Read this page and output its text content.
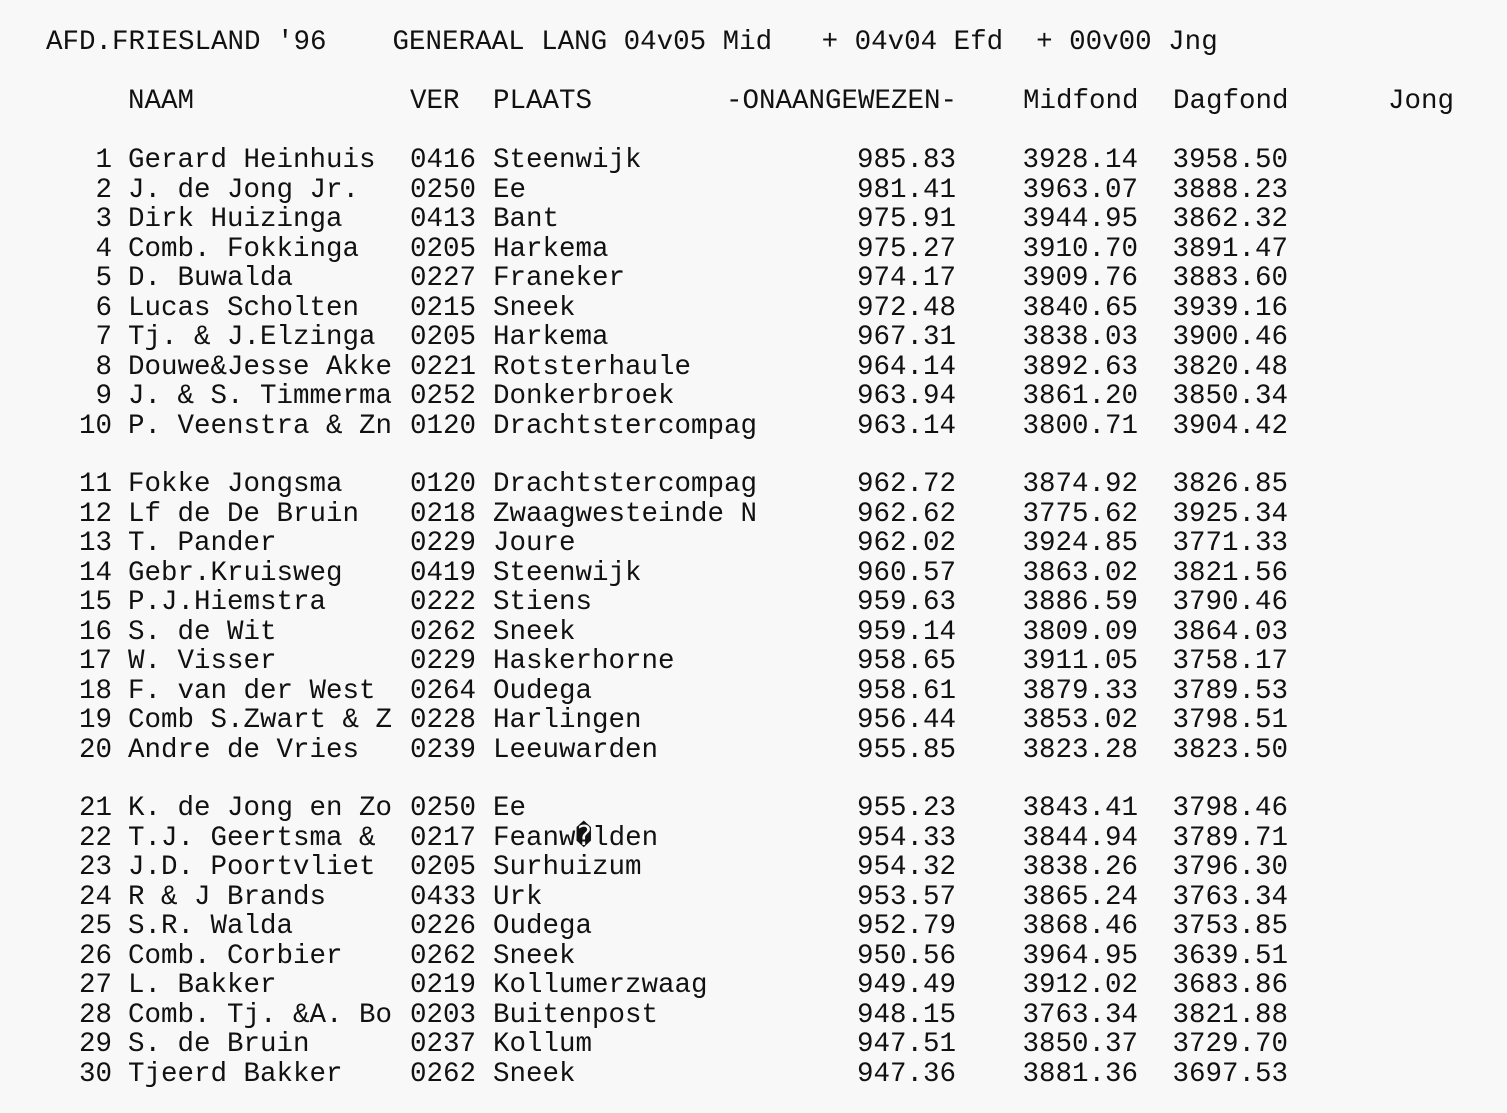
AFD.FRIESLAND '96    GENERAAL LANG 04v05 Mid   + 04v04 Efd  + 00v00 Jng
NAAM	VER PLAATS	-ONAANGEWEZEN- Midfond Dagfond	Jong
1 Gerard Heinhuis 0416 Steenwijk	985.83	3928.14	3958.50
2 J. de Jong Jr. 0250 Ee	981.41	3963.07	3888.23
3 Dirk Huizinga 0413 Bant	975.91	3944.95	3862.32
4 Comb. Fokkinga 0205 Harkema	975.27	3910.70	3891.47
5 D. Buwalda	0227 Franeker	974.17	3909.76	3883.60
6 Lucas Scholten 0215 Sneek	972.48	3840.65	3939.16
7 Tj. & J.Elzinga 0205 Harkema	967.31	3838.03	3900.46
8 Douwe&Jesse Akke 0221 Rotsterhaule	964.14	3892.63	3820.48
9 J. & S. Timmerma 0252 Donkerbroek	963.94	3861.20	3850.34
10 P. Veenstra & Zn 0120 Drachtstercompag	963.14	3800.71	3904.42
11 Fokke Jongsma 0120 Drachtstercompag	962.72	3874.92	3826.85
12 Lf de De Bruin 0218 Zwaagwesteinde N	962.62	3775.62	3925.34
13 T. Pander	0229 Joure	962.02	3924.85	3771.33
14 Gebr.Kruisweg 0419 Steenwijk	960.57	3863.02	3821.56
15 P.J.Hiemstra	0222 Stiens	959.63	3886.59	3790.46
16 S. de Wit	0262 Sneek	959.14	3809.09	3864.03
17 W. Visser	0229 Haskerhorne	958.65	3911.05	3758.17
18 F. van der West 0264 Oudega	958.61	3879.33	3789.53
19 Comb S.Zwart & Z 0228 Harlingen	956.44	3853.02	3798.51
20 Andre de Vries 0239 Leeuwarden	955.85	3823.28	3823.50
21 K. de Jong en Zo 0250 Ee	955.23	3843.41	3798.46
22 T.J. Geertsma & 0217 Feanw�lden	954.33	3844.94	3789.71
23 J.D. Poortvliet 0205 Surhuizum	954.32	3838.26	3796.30
24 R & J Brands	0433 Urk	953.57	3865.24	3763.34
25 S.R. Walda	0226 Oudega	952.79	3868.46	3753.85
26 Comb. Corbier 0262 Sneek	950.56	3964.95	3639.51
27 L. Bakker	0219 Kollumerzwaag	949.49	3912.02	3683.86
28 Comb. Tj. &A. Bo 0203 Buitenpost	948.15	3763.34	3821.88
29 S. de Bruin	0237 Kollum	947.51	3850.37	3729.70
30 Tjeerd Bakker 0262 Sneek	947.36	3881.36	3697.53
